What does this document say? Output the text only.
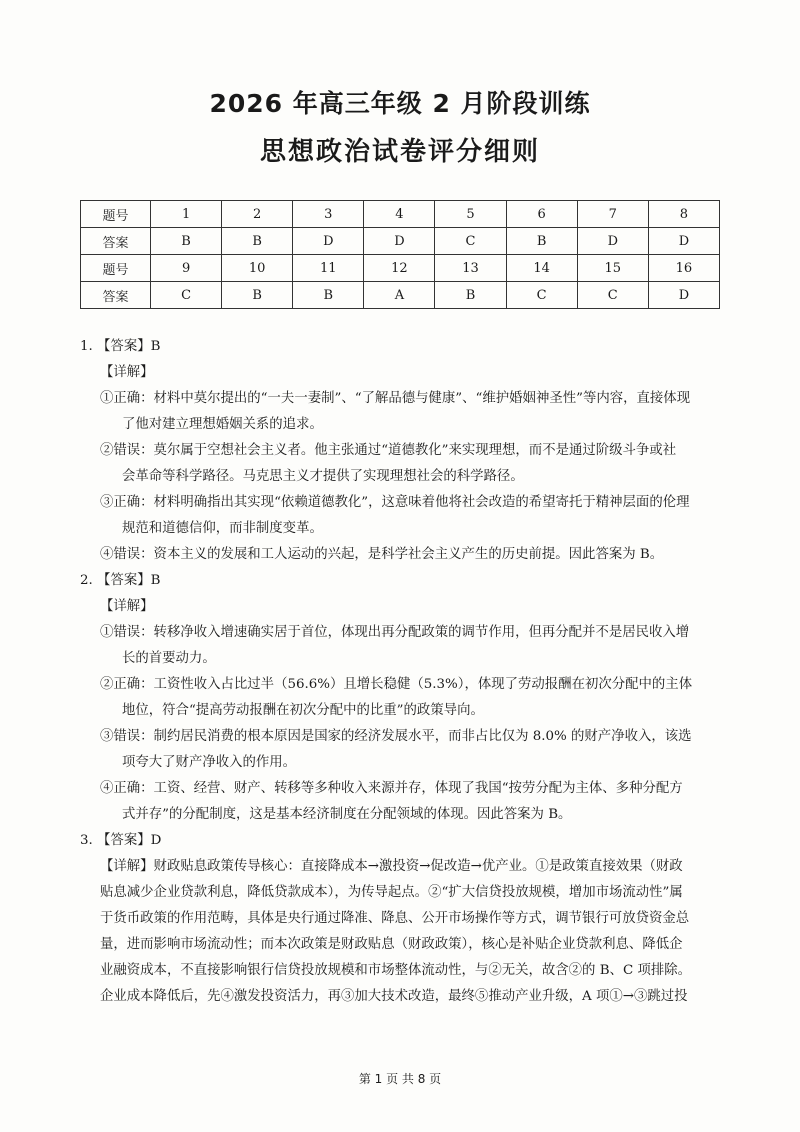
2026 年高三年级 2 月阶段训练
思想政治试卷评分细则
题号	1	2	3	4	5	6	7	8
答案	B	B	D	D	C	B	D	D
题号	9	10	11	12	13	14	15	16
答案	C	B	B	A	B	C	C	D
1. 【答案】B
【详解】
①正确：材料中莫尔提出的“一夫一妻制”、“了解品德与健康”、“维护婚姻神圣性”等内容，直接体现
了他对建立理想婚姻关系的追求。
②错误：莫尔属于空想社会主义者。他主张通过“道德教化”来实现理想，而不是通过阶级斗争或社
会革命等科学路径。马克思主义才提供了实现理想社会的科学路径。
③正确：材料明确指出其实现“依赖道德教化”，这意味着他将社会改造的希望寄托于精神层面的伦理
规范和道德信仰，而非制度变革。
④错误：资本主义的发展和工人运动的兴起，是科学社会主义产生的历史前提。因此答案为 B。
2. 【答案】B
【详解】
①错误：转移净收入增速确实居于首位，体现出再分配政策的调节作用，但再分配并不是居民收入增
长的首要动力。
②正确：工资性收入占比过半（56.6%）且增长稳健（5.3%），体现了劳动报酬在初次分配中的主体
地位，符合“提高劳动报酬在初次分配中的比重”的政策导向。
③错误：制约居民消费的根本原因是国家的经济发展水平，而非占比仅为 8.0% 的财产净收入，该选
项夸大了财产净收入的作用。
④正确：工资、经营、财产、转移等多种收入来源并存，体现了我国“按劳分配为主体、多种分配方
式并存”的分配制度，这是基本经济制度在分配领域的体现。因此答案为 B。
3. 【答案】D
【详解】财政贴息政策传导核心：直接降成本→激投资→促改造→优产业。①是政策直接效果（财政
贴息减少企业贷款利息，降低贷款成本），为传导起点。②“扩大信贷投放规模，增加市场流动性”属
于货币政策的作用范畴，具体是央行通过降准、降息、公开市场操作等方式，调节银行可放贷资金总
量，进而影响市场流动性；而本次政策是财政贴息（财政政策），核心是补贴企业贷款利息、降低企
业融资成本，不直接影响银行信贷投放规模和市场整体流动性，与②无关，故含②的 B、C 项排除。
企业成本降低后，先④激发投资活力，再③加大技术改造，最终⑤推动产业升级，A 项①→③跳过投
第 1 页 共 8 页
